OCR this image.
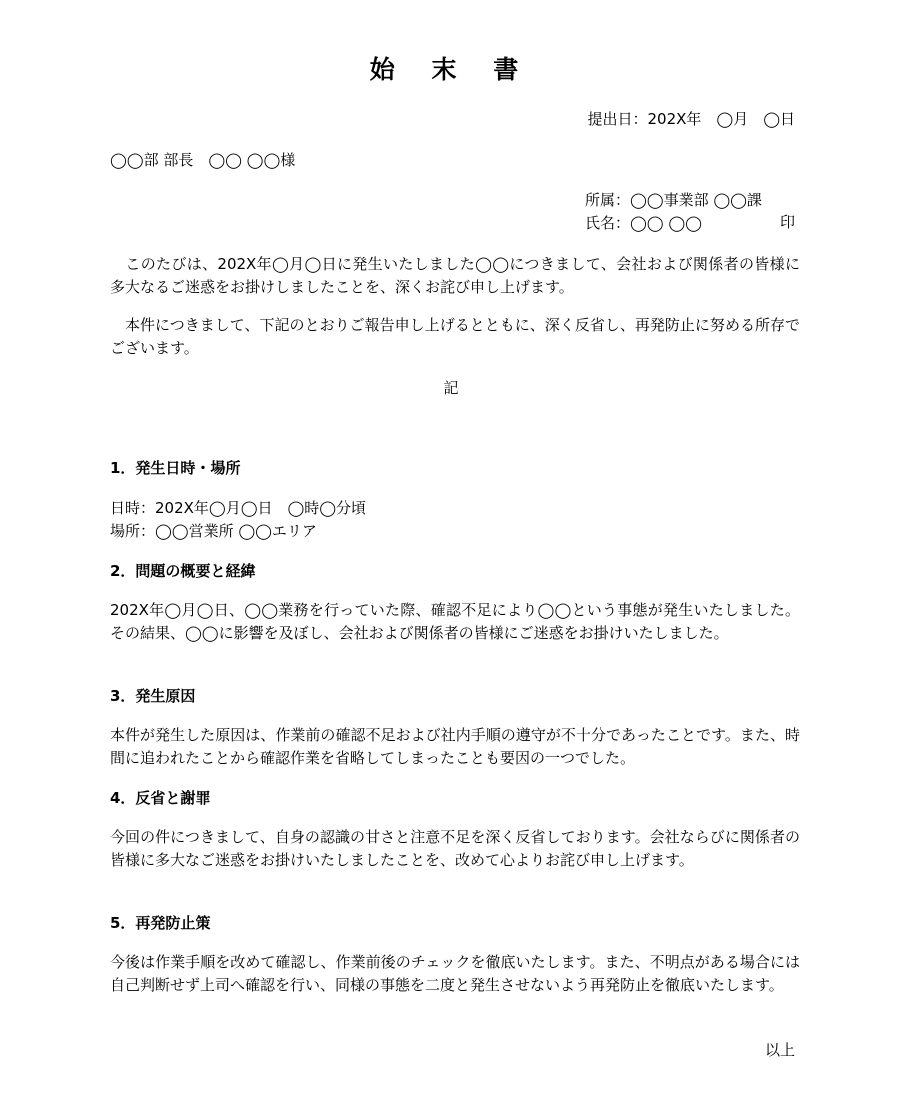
始 末 書
提出日：202X年　◯月　◯日
◯◯部 部長　◯◯ ◯◯様
所属：◯◯事業部 ◯◯課
氏名：◯◯ ◯◯	印

　このたびは、202X年◯月◯日に発生いたしました◯◯につきまして、会社および関係者の皆様に多大なるご迷惑をお掛けしましたことを、深くお詫び申し上げます。

　本件につきまして、下記のとおりご報告申し上げるとともに、深く反省し、再発防止に努める所存でございます。

記
1．発生日時・場所
日時：202X年◯月◯日　◯時◯分頃
場所：◯◯営業所 ◯◯エリア
2．問題の概要と経緯

202X年◯月◯日、◯◯業務を行っていた際、確認不足により◯◯という事態が発生いたしました。その結果、◯◯に影響を及ぼし、会社および関係者の皆様にご迷惑をお掛けいたしました。

3．発生原因

本件が発生した原因は、作業前の確認不足および社内手順の遵守が不十分であったことです。また、時間に追われたことから確認作業を省略してしまったことも要因の一つでした。

4．反省と謝罪

今回の件につきまして、自身の認識の甘さと注意不足を深く反省しております。会社ならびに関係者の皆様に多大なご迷惑をお掛けいたしましたことを、改めて心よりお詫び申し上げます。

5．再発防止策

今後は作業手順を改めて確認し、作業前後のチェックを徹底いたします。また、不明点がある場合には自己判断せず上司へ確認を行い、同様の事態を二度と発生させないよう再発防止を徹底いたします。

以上
